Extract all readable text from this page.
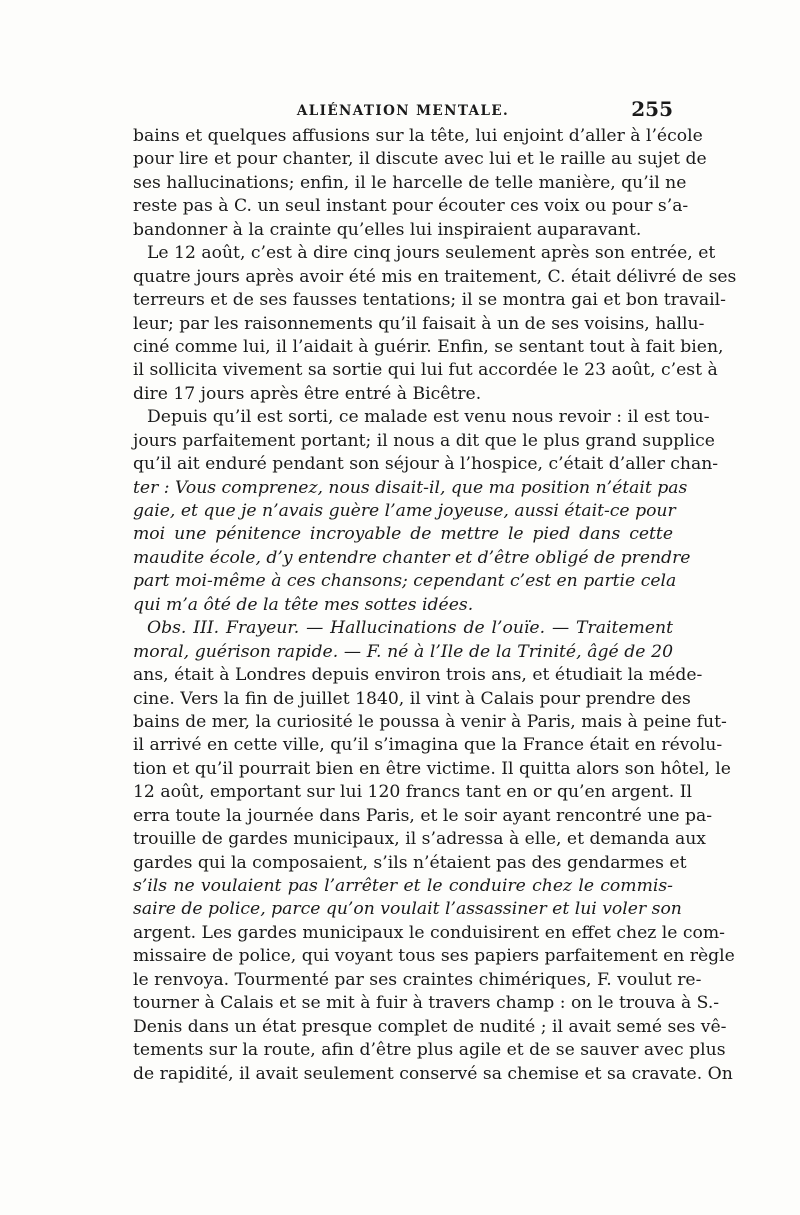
ALIÉNATION MENTALE.	255
bains et quelques affusions sur la tête, lui enjoint d’aller à l’école
pour lire et pour chanter, il discute avec lui et le raille au sujet de
ses hallucinations; enfin, il le harcelle de telle manière, qu’il ne
reste pas à C. un seul instant pour écouter ces voix ou pour s’a-
bandonner à la crainte qu’elles lui inspiraient auparavant.
Le 12 août, c’est à dire cinq jours seulement après son entrée, et
quatre jours après avoir été mis en traitement, C. était délivré de ses
terreurs et de ses fausses tentations; il se montra gai et bon travail-
leur; par les raisonnements qu’il faisait à un de ses voisins, hallu-
ciné comme lui, il l’aidait à guérir. Enfin, se sentant tout à fait bien,
il sollicita vivement sa sortie qui lui fut accordée le 23 août, c’est à
dire 17 jours après être entré à Bicêtre.
Depuis qu’il est sorti, ce malade est venu nous revoir : il est tou-
jours parfaitement portant; il nous a dit que le plus grand supplice
qu’il ait enduré pendant son séjour à l’hospice, c’était d’aller chan-
ter : Vous comprenez, nous disait-il, que ma position n’était pas
gaie, et que je n’avais guère l’ame joyeuse, aussi était-ce pour
moi une pénitence incroyable de mettre le pied dans cette
maudite école, d’y entendre chanter et d’être obligé de prendre
part moi-même à ces chansons; cependant c’est en partie cela
qui m’a ôté de la tête mes sottes idées.
Obs. III. Frayeur. — Hallucinations de l’ouïe. — Traitement
moral, guérison rapide. — F. né à l’Ile de la Trinité, âgé de 20
ans, était à Londres depuis environ trois ans, et étudiait la méde-
cine. Vers la fin de juillet 1840, il vint à Calais pour prendre des
bains de mer, la curiosité le poussa à venir à Paris, mais à peine fut-
il arrivé en cette ville, qu’il s’imagina que la France était en révolu-
tion et qu’il pourrait bien en être victime. Il quitta alors son hôtel, le
12 août, emportant sur lui 120 francs tant en or qu’en argent. Il
erra toute la journée dans Paris, et le soir ayant rencontré une pa-
trouille de gardes municipaux, il s’adressa à elle, et demanda aux
gardes qui la composaient, s’ils n’étaient pas des gendarmes et
s’ils ne voulaient pas l’arrêter et le conduire chez le commis-
saire de police, parce qu’on voulait l’assassiner et lui voler son
argent. Les gardes municipaux le conduisirent en effet chez le com-
missaire de police, qui voyant tous ses papiers parfaitement en règle
le renvoya. Tourmenté par ses craintes chimériques, F. voulut re-
tourner à Calais et se mit à fuir à travers champ : on le trouva à S.-
Denis dans un état presque complet de nudité ; il avait semé ses vê-
tements sur la route, afin d’être plus agile et de se sauver avec plus
de rapidité, il avait seulement conservé sa chemise et sa cravate. On
